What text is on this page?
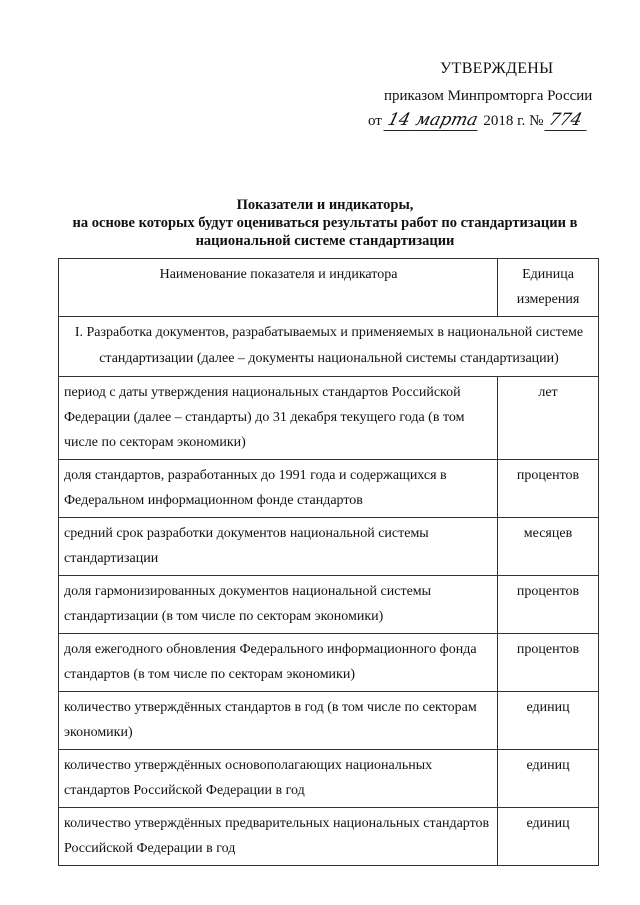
УТВЕРЖДЕНЫ
приказом Минпромторга России
от 14марта 2018 г. № 774
Показатели и индикаторы,
на основе которых будут оцениваться результаты работ по стандартизации в
национальной системе стандартизации
Наименование показателя и индикатора	Единица измерения
I. Разработка документов, разрабатываемых и применяемых в национальной системе стандартизации (далее – документы национальной системы стандартизации)	
период с даты утверждения национальных стандартов Российской Федерации (далее – стандарты) до 31 декабря текущего года (в том числе по секторам экономики)	лет
доля стандартов, разработанных до 1991 года и содержащихся в Федеральном информационном фонде стандартов	процентов
средний срок разработки документов национальной системы стандартизации	месяцев
доля гармонизированных документов национальной системы стандартизации (в том числе по секторам экономики)	процентов
доля ежегодного обновления Федерального информационного фонда стандартов (в том числе по секторам экономики)	процентов
количество утверждённых стандартов в год (в том числе по секторам экономики)	единиц
количество утверждённых основополагающих национальных стандартов Российской Федерации в год	единиц
количество утверждённых предварительных национальных стандартов Российской Федерации в год	единиц
